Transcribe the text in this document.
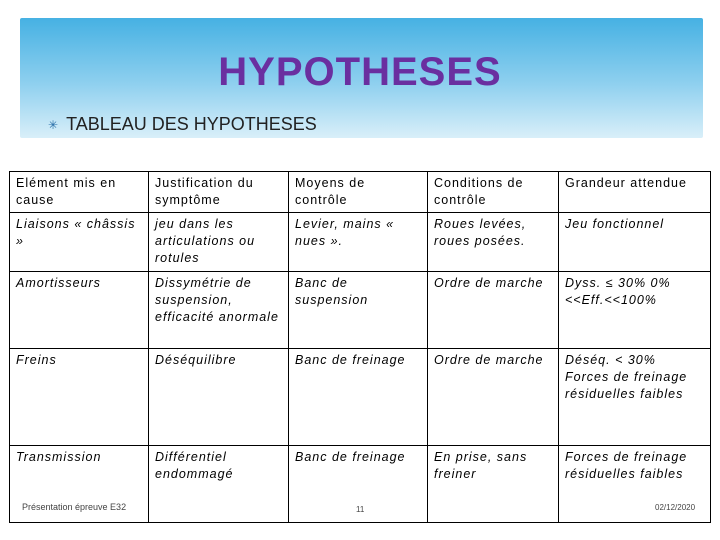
HYPOTHESES
✳ TABLEAU DES HYPOTHESES
Elément mis en cause	Justification du symptôme	Moyens de contrôle	Conditions de contrôle	Grandeur attendue
Liaisons « châssis »	jeu dans les articulations ou rotules	Levier, mains « nues ».	Roues levées, roues posées.	Jeu fonctionnel
Amortisseurs	Dissymétrie de suspension, efficacité anormale	Banc de suspension	Ordre de marche	Dyss. ≤ 30% 0%<<Eff.<<100%
Freins	Déséquilibre	Banc de freinage	Ordre de marche	Déséq. < 30% Forces de freinage résiduelles faibles
Transmission	Différentiel endommagé	Banc de freinage	En prise, sans freiner	Forces de freinage résiduelles faibles
Présentation épreuve E32	11	02/12/2020
